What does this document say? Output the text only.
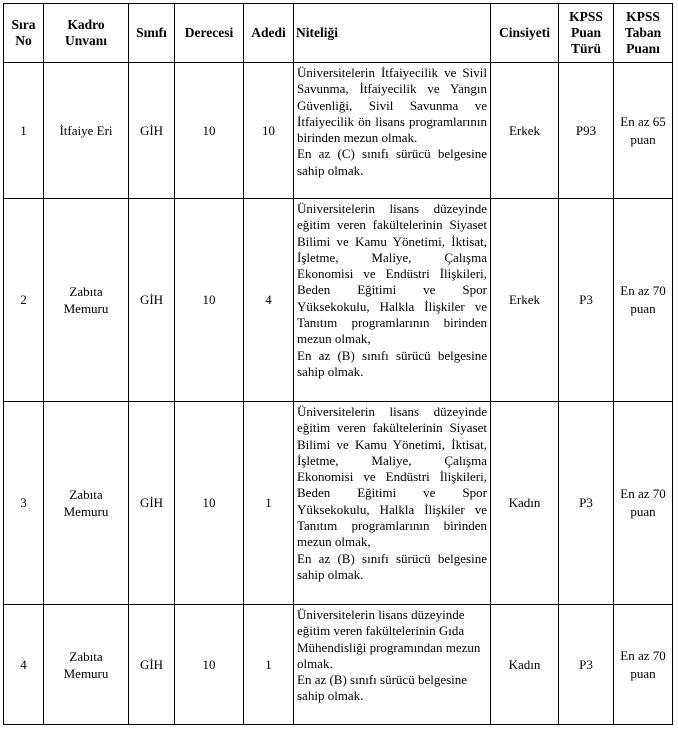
Sıra No	Kadro Unvanı	Sınıfı	Derecesi	Adedi	Niteliği	Cinsiyeti	KPSS Puan Türü	KPSS Taban Puanı
1	İtfaiye Eri	GİH	10	10	Üniversitelerin İtfaiyecilik ve Sivil Savunma, İtfaiyecilik ve Yangın Güvenliği, Sivil Savunma ve İtfaiyecilik ön lisans programlarının birinden mezun olmak.
En az (C) sınıfı sürücü belgesine sahip olmak.	Erkek	P93	En az 65 puan
2	Zabıta Memuru	GİH	10	4	Üniversitelerin lisans düzeyinde eğitim veren fakültelerinin Siyaset Bilimi ve Kamu Yönetimi, İktisat, İşletme, Maliye, Çalışma Ekonomisi ve Endüstri İlişkileri, Beden Eğitimi ve Spor Yüksekokulu, Halkla İlişkiler ve Tanıtım programlarının birinden mezun olmak,
En az (B) sınıfı sürücü belgesine sahip olmak.	Erkek	P3	En az 70 puan
3	Zabıta Memuru	GİH	10	1	Üniversitelerin lisans düzeyinde eğitim veren fakültelerinin Siyaset Bilimi ve Kamu Yönetimi, İktisat, İşletme, Maliye, Çalışma Ekonomisi ve Endüstri İlişkileri, Beden Eğitimi ve Spor Yüksekokulu, Halkla İlişkiler ve Tanıtım programlarının birinden mezun olmak,
En az (B) sınıfı sürücü belgesine sahip olmak.	Kadın	P3	En az 70 puan
4	Zabıta Memuru	GİH	10	1	Üniversitelerin lisans düzeyinde eğitim veren fakültelerinin Gıda Mühendisliği programından mezun olmak.
En az (B) sınıfı sürücü belgesine sahip olmak.	Kadın	P3	En az 70 puan
